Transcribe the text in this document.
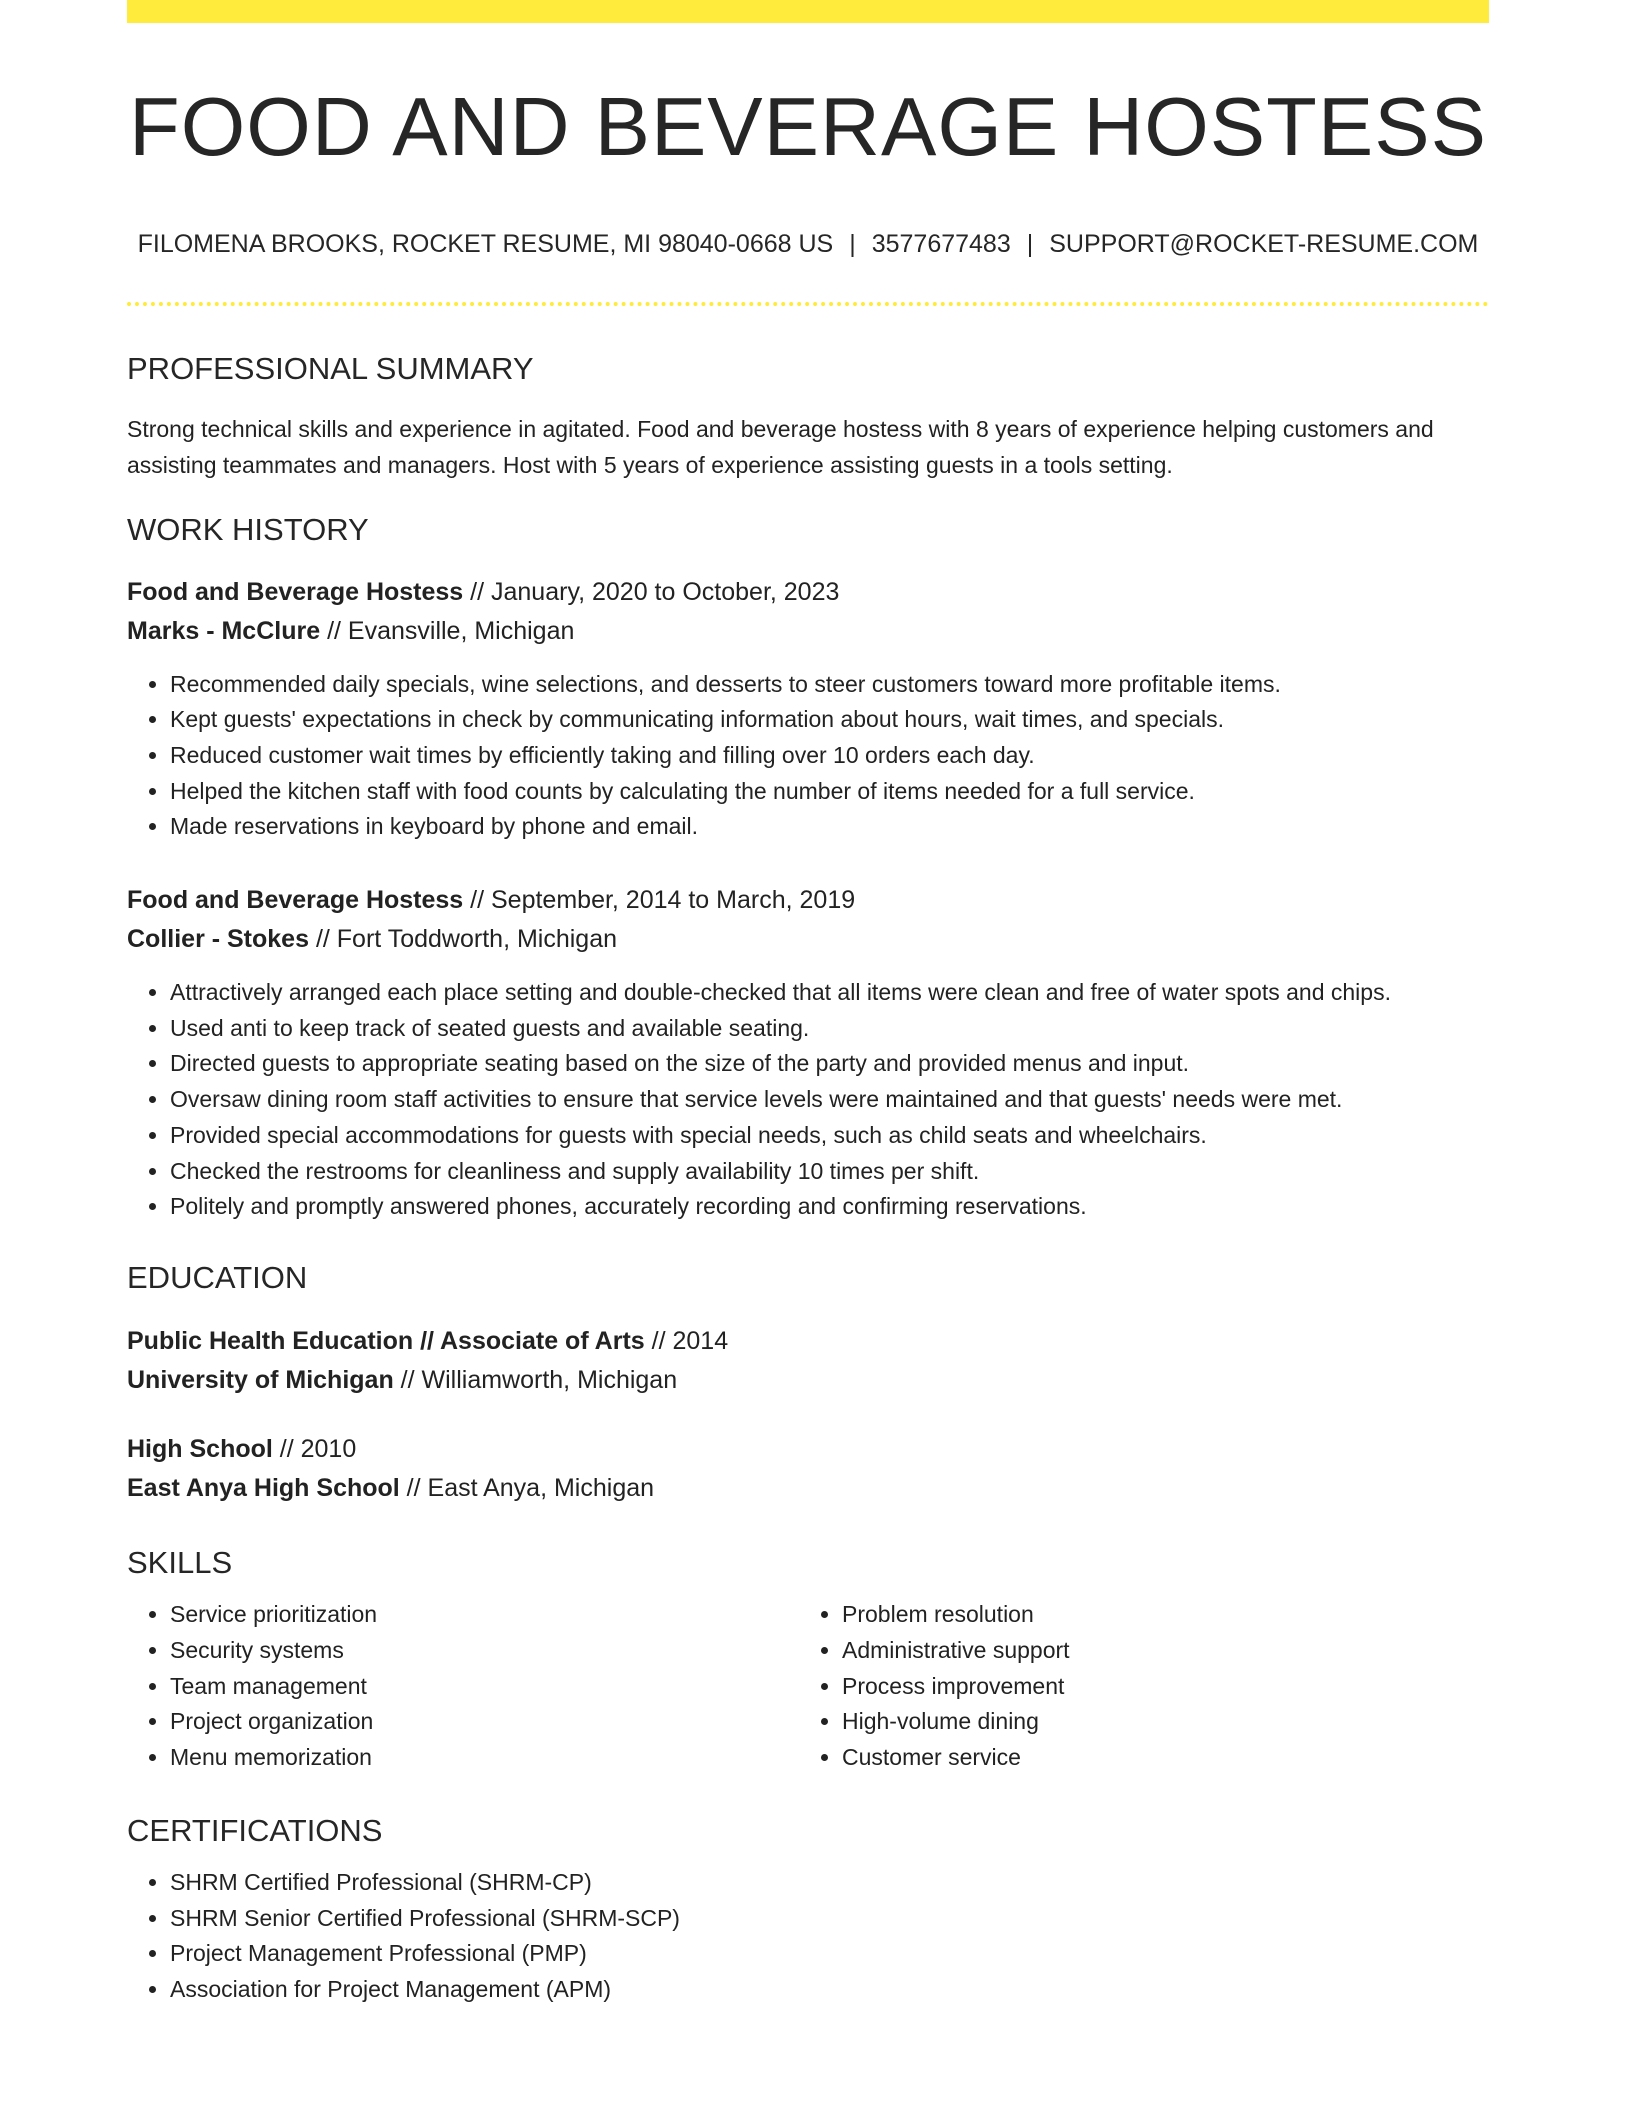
FOOD AND BEVERAGE HOSTESS
FILOMENA BROOKS, ROCKET RESUME, MI 98040-0668 US | 3577677483 | SUPPORT@ROCKET-RESUME.COM
PROFESSIONAL SUMMARY
Strong technical skills and experience in agitated. Food and beverage hostess with 8 years of experience helping customers and assisting teammates and managers. Host with 5 years of experience assisting guests in a tools setting.
WORK HISTORY
Food and Beverage Hostess // January, 2020 to October, 2023
Marks - McClure // Evansville, Michigan
• Recommended daily specials, wine selections, and desserts to steer customers toward more profitable items.
• Kept guests' expectations in check by communicating information about hours, wait times, and specials.
• Reduced customer wait times by efficiently taking and filling over 10 orders each day.
• Helped the kitchen staff with food counts by calculating the number of items needed for a full service.
• Made reservations in keyboard by phone and email.
Food and Beverage Hostess // September, 2014 to March, 2019
Collier - Stokes // Fort Toddworth, Michigan
• Attractively arranged each place setting and double-checked that all items were clean and free of water spots and chips.
• Used anti to keep track of seated guests and available seating.
• Directed guests to appropriate seating based on the size of the party and provided menus and input.
• Oversaw dining room staff activities to ensure that service levels were maintained and that guests' needs were met.
• Provided special accommodations for guests with special needs, such as child seats and wheelchairs.
• Checked the restrooms for cleanliness and supply availability 10 times per shift.
• Politely and promptly answered phones, accurately recording and confirming reservations.
EDUCATION
Public Health Education // Associate of Arts // 2014
University of Michigan // Williamworth, Michigan
High School // 2010
East Anya High School // East Anya, Michigan
SKILLS
• Service prioritization
• Security systems
• Team management
• Project organization
• Menu memorization
• Problem resolution
• Administrative support
• Process improvement
• High-volume dining
• Customer service
CERTIFICATIONS
• SHRM Certified Professional (SHRM-CP)
• SHRM Senior Certified Professional (SHRM-SCP)
• Project Management Professional (PMP)
• Association for Project Management (APM)
